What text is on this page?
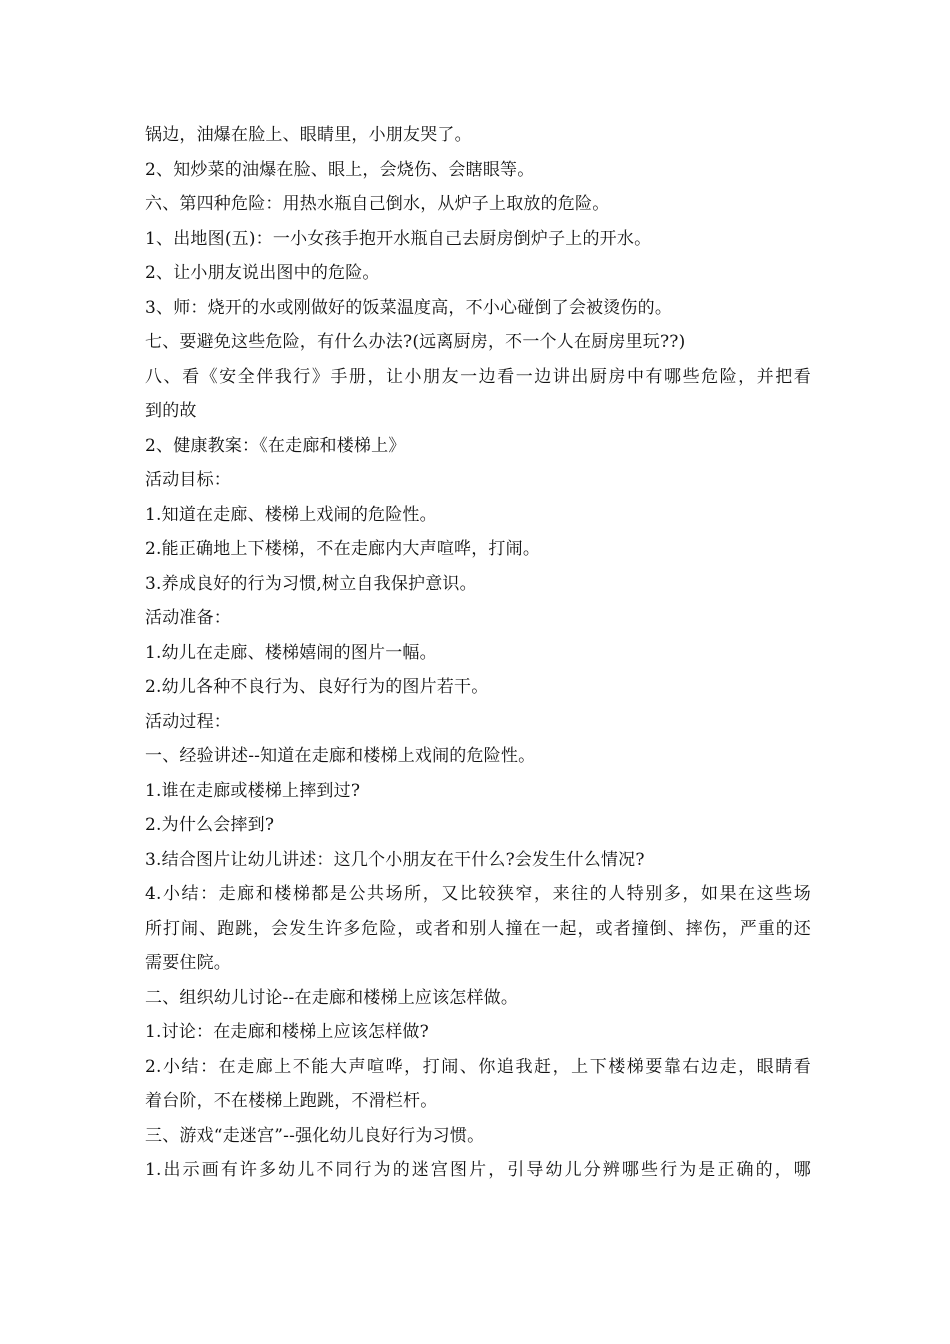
锅边，油爆在脸上、眼睛里，小朋友哭了。
2、知炒菜的油爆在脸、眼上，会烧伤、会瞎眼等。
六、第四种危险：用热水瓶自己倒水，从炉子上取放的危险。
1、出地图(五)：一小女孩手抱开水瓶自己去厨房倒炉子上的开水。
2、让小朋友说出图中的危险。
3、师：烧开的水或刚做好的饭菜温度高，不小心碰倒了会被烫伤的。
七、要避免这些危险，有什么办法?(远离厨房，不一个人在厨房里玩??)
八、看《安全伴我行》手册，让小朋友一边看一边讲出厨房中有哪些危险，并把看
到的故
2、健康教案：《在走廊和楼梯上》
活动目标：
1.知道在走廊、楼梯上戏闹的危险性。
2.能正确地上下楼梯，不在走廊内大声喧哗，打闹。
3.养成良好的行为习惯,树立自我保护意识。
活动准备：
1.幼儿在走廊、楼梯嬉闹的图片一幅。
2.幼儿各种不良行为、良好行为的图片若干。
活动过程：
一、经验讲述--知道在走廊和楼梯上戏闹的危险性。
1.谁在走廊或楼梯上摔到过?
2.为什么会摔到?
3.结合图片让幼儿讲述：这几个小朋友在干什么?会发生什么情况?
4.小结：走廊和楼梯都是公共场所，又比较狭窄，来往的人特别多，如果在这些场
所打闹、跑跳，会发生许多危险，或者和别人撞在一起，或者撞倒、摔伤，严重的还
需要住院。
二、组织幼儿讨论--在走廊和楼梯上应该怎样做。
1.讨论：在走廊和楼梯上应该怎样做?
2.小结：在走廊上不能大声喧哗，打闹、你追我赶，上下楼梯要靠右边走，眼睛看
着台阶，不在楼梯上跑跳，不滑栏杆。
三、游戏“走迷宫”--强化幼儿良好行为习惯。
1.出示画有许多幼儿不同行为的迷宫图片，引导幼儿分辨哪些行为是正确的，哪
